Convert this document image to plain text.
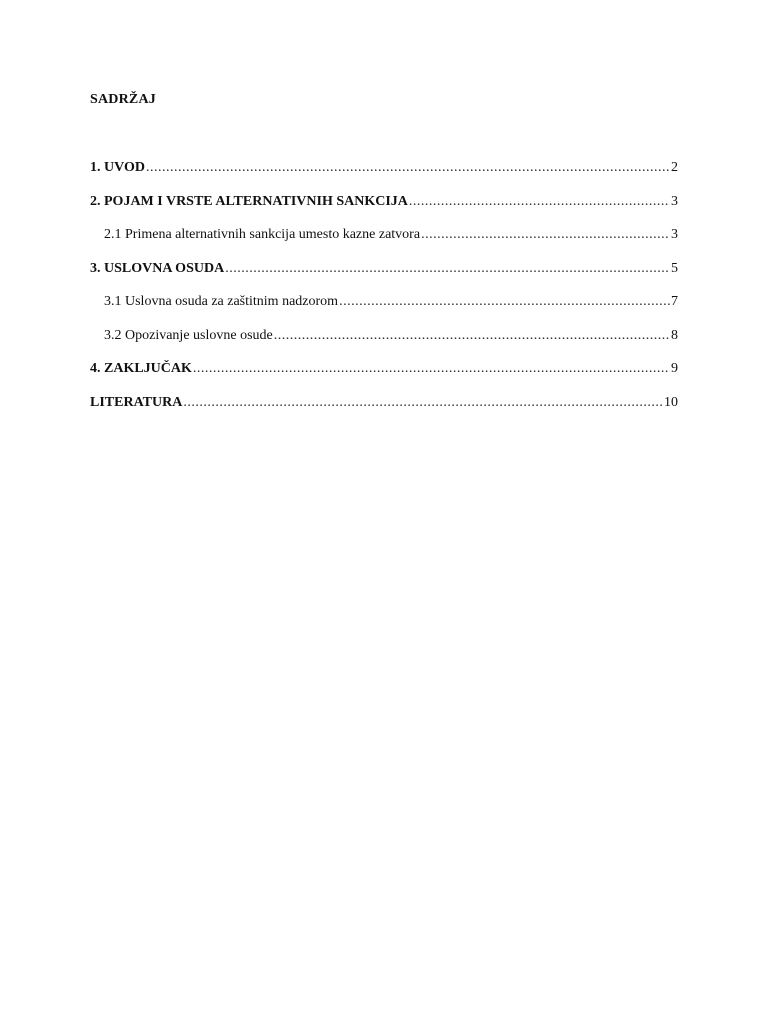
SADRŽAJ
1. UVOD .....	2
2. POJAM I VRSTE ALTERNATIVNIH SANKCIJA .....	3
2.1 Primena alternativnih sankcija umesto kazne zatvora .....	3
3. USLOVNA OSUDA .....	5
3.1 Uslovna osuda za zaštitnim nadzorom .....	7
3.2 Opozivanje uslovne osude .....	8
4. ZAKLJUČAK .....	9
LITERATURA .....	10
